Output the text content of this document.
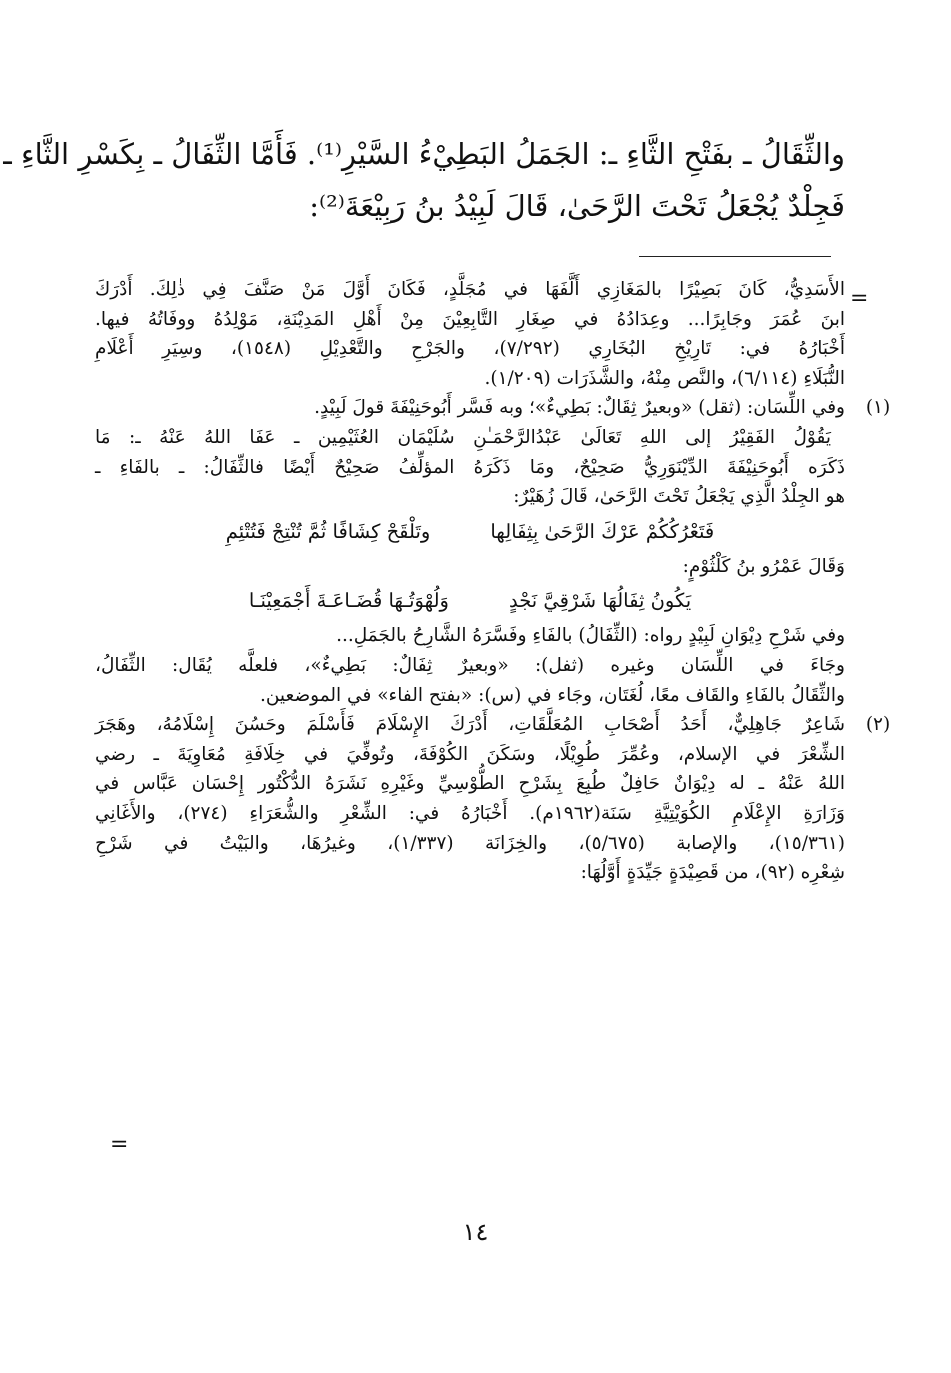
والثِّقَالُ ـ بفَتْحِ الثَّاءِ ـ: الجَمَلُ البَطِيْءُ السَّيْرِ⁽¹⁾. فَأَمَّا الثِّفَالُ ـ بِكَسْرِ الثَّاءِ ـ
فَجِلْدٌ يُجْعَلُ تَحْتَ الرَّحَىٰ، قَالَ لَبِيْدُ بنُ رَبِيْعَةَ⁽²⁾:
=
الأَسَدِيُّ، كَانَ بَصِيْرًا بالمَغَازِي أَلَّفَهَا في مُجَلَّدٍ، فَكَانَ أَوَّلَ مَنْ صَنَّفَ فِي ذٰلِكَ. أَدْرَكَ
ابنَ عُمَرَ وجَابِرًا... وعِدَادُهُ في صِغَارِ التَّابِعِيْنَ مِنْ أَهْلِ المَدِيْنَةِ، مَوْلِدُهُ ووفَاتُهُ فيها.
أَخْبَارُهُ في: تَارِيْخِ البُخَارِي (٧/٢٩٢)، والجَرْحِ والتَّعْدِيْلِ (١٥٤٨)، وسِيَرِ أَعْلَامِ
النُّبَلَاءِ (٦/١١٤)، والنَّص مِنْهُ، والشَّذَرَات (١/٢٠٩).
(١)
وفي اللِّسَان: (ثقل) «وبعيرٌ ثِقَالٌ: بَطِيءٌ»؛ وبه فَسَّر أَبُوحَنِيْفَةَ قولَ لَبِيْدٍ.
يَقُوْلُ الفَقِيْرُ إلى اللهِ تَعَالَىٰ عَبْدُالرَّحْمَـٰنِ سُلَيْمَان العُثَيْمِين ـ عَفَا اللهُ عَنْهُ ـ: مَا
ذَكَرَه أَبُوحَنِيْفَةَ الدِّيْنَوَرِيُّ صَحِيْحٌ، ومَا ذَكَرَهُ المؤلِّفُ صَحِيْحٌ أَيْضًا فالثِّفَالُ: ـ بالفَاءِ ـ
هو الجِلْدُ الَّذِي يَجْعَلُ تَحْتَ الرَّحَىٰ، قَالَ زُهَيْرٌ:
فَتَعْرُكُكُمْ عَرْكَ الرَّحَىٰ بِثِفَالِها
وتَلْقَحْ كِشَافًا ثُمَّ تُنْتِجْ فَتُتْئِمِ
وَقَالَ عَمْرُو بنُ كَلْثُوْمٍ:
يَكُونُ ثِفَالُهَا شَرْقِيَّ نَجْدٍ
وَلُهْوَتُـهَا قُضَـاعَـةَ أَجْمَعِيْنَـا
وفي شَرْحِ دِيْوَانِ لَبِيْدٍ رواه: (الثِّفَالُ) بالفَاءِ وفَسَّرَهُ الشَّارِحُ بالجَمَلِ...
وجَاءَ في اللِّسَان وغيره (ثفل): «وبعيرٌ ثِفَالٌ: بَطِيءٌ»، فلعلَّه يُقَال: الثِّفَالُ،
والثِّقَالُ بالفَاءِ والقَاف معًا، لُغَتَان، وجَاء في (س): «بفتح الفاء» في الموضعين.
(٢)
شَاعِرٌ جَاهِلِيٌّ، أَحَدُ أَصْحَابِ المُعَلَّقَاتِ، أَدْرَكَ الإِسْلَامَ فَأَسْلَمَ وحَسُنَ إِسْلَامُهُ، وهَجَرَ
الشِّعْرَ في الإسلام، وعُمِّرَ طُوِيْلًا، وسَكَنَ الكُوْفَةَ، وتُوفِّيَ في خِلَافَةِ مُعَاوِيَةَ ـ رضي
اللهُ عَنْهُ ـ له دِيْوَانٌ حَافِلٌ طُبِعَ بِشَرْحِ الطُّوْسِيِّ وغَيْرِهِ نَشَرَهُ الدُّكْتُور إِحْسَان عَبَّاس في
وَزَارَةِ الإِعْلَامِ الكُوَيْتِيَّةِ سَنَة(١٩٦٢م). أَخْبَارُهُ في: الشِّعْرِ والشُّعَرَاءِ (٢٧٤)، والأَغَانِي
(١٥/٣٦١)، والإصابة (٥/٦٧٥)، والخِزَانَة (١/٣٣٧)، وغيرُهَا، والبَيْتُ في شَرْحِ
شِعْرِه (٩٢)، من قَصِيْدَةٍ جَيِّدَةٍ أَوَّلُهَا:
=
١٤
